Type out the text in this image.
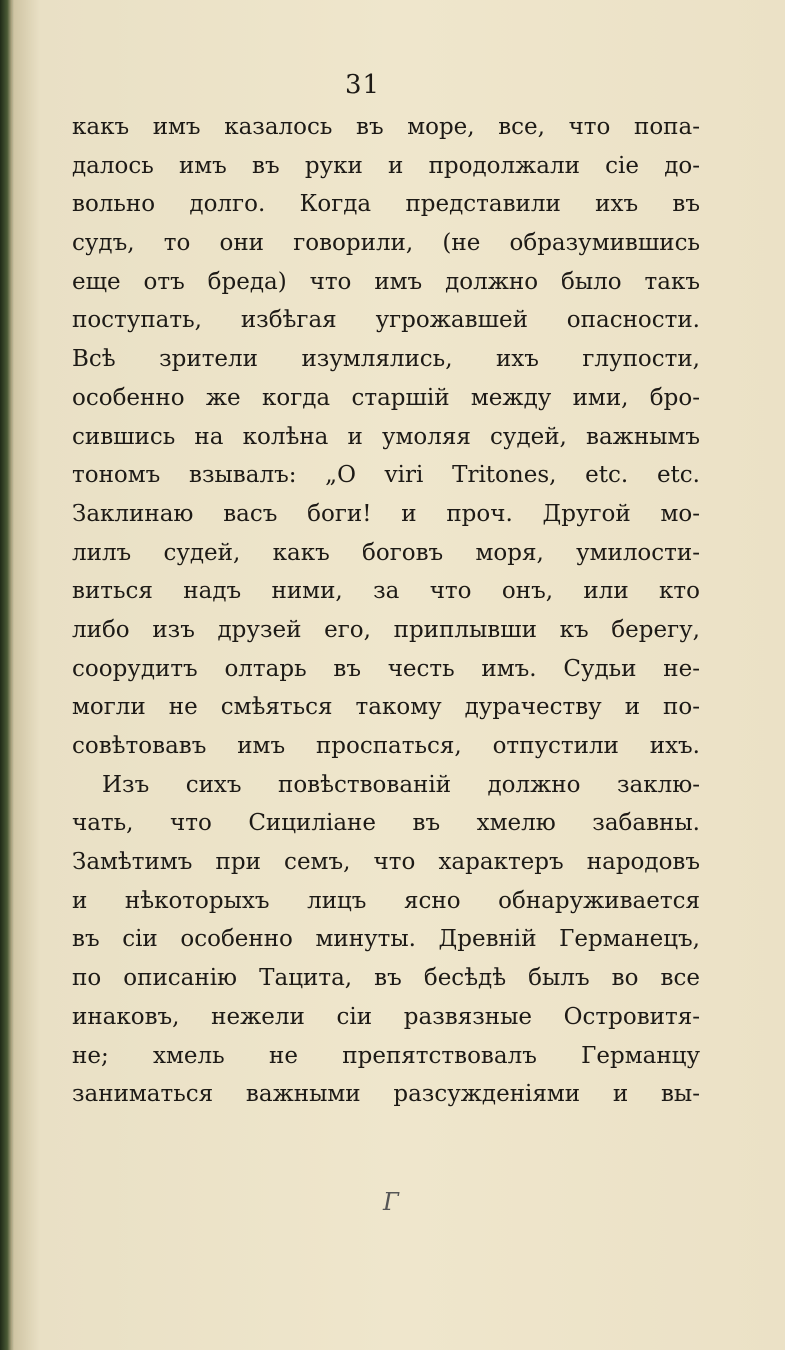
31
какъ имъ казалось въ море, все, что попа-
далось имъ въ руки и продолжали сіе до-
вольно долго. Когда представили ихъ въ
судъ, то они говорили, (не образумившись
еще отъ бреда) что имъ должно было такъ
поступать, избѣгая угрожавшей опасности.
Всѣ зрители изумлялись, ихъ глупости,
особенно же когда старшій между ими, бро-
сившись на колѣна и умоляя судей, важнымъ
тономъ взывалъ: „O viri Tritones, etc. etc.
Заклинаю васъ боги! и проч. Другой мо-
лилъ судей, какъ боговъ моря, умилости-
виться надъ ними, за что онъ, или кто
либо изъ друзей его, приплывши къ берегу,
соорудитъ олтарь въ честь имъ. Судьи не-
могли не смѣяться такому дурачеству и по-
совѣтовавъ имъ проспаться, отпустили ихъ.
Изъ сихъ повѣствованій должно заклю-
чать, что Сициліане въ хмелю забавны.
Замѣтимъ при семъ, что характеръ народовъ
и нѣкоторыхъ лицъ ясно обнаруживается
въ сіи особенно минуты. Древній Германецъ,
по описанію Тацита, въ бесѣдѣ былъ во все
инаковъ, нежели сіи развязные Островитя-
не; хмель не препятствовалъ Германцу
заниматься важными разсужденіями и вы-
Г
